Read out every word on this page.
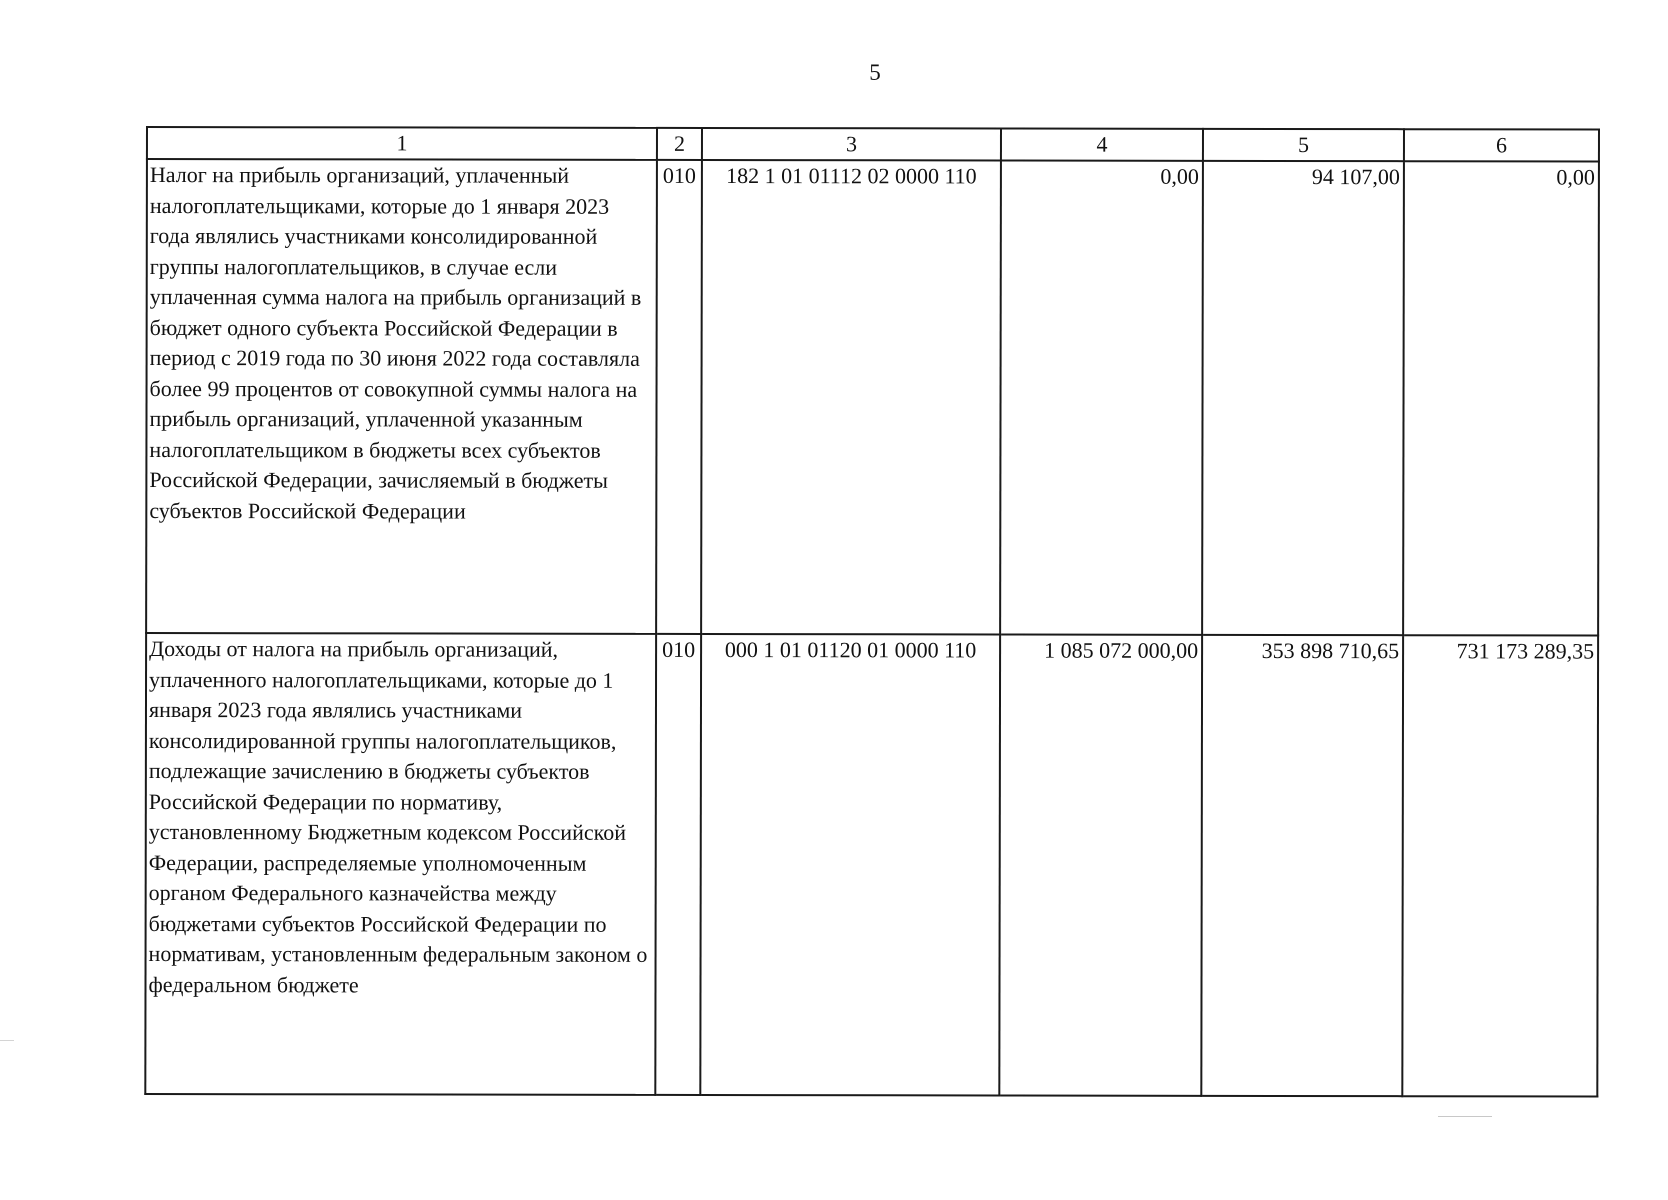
5
1	2	3	4	5	6
Налог на прибыль организаций, уплаченный налогоплательщиками, которые до 1 января 2023 года являлись участниками консолидированной группы налогоплательщиков, в случае если уплаченная сумма налога на прибыль организаций в бюджет одного субъекта Российской Федерации в период с 2019 года по 30 июня 2022 года составляла более 99 процентов от совокупной суммы налога на прибыль организаций, уплаченной указанным налогоплательщиком в бюджеты всех субъектов Российской Федерации, зачисляемый в бюджеты субъектов Российской Федерации	010	182 1 01 01112 02 0000 110	0,00	94 107,00	0,00
Доходы от налога на прибыль организаций, уплаченного налогоплательщиками, которые до 1 января 2023 года являлись участниками консолидированной группы налогоплательщиков, подлежащие зачислению в бюджеты субъектов Российской Федерации по нормативу, установленному Бюджетным кодексом Российской Федерации, распределяемые уполномоченным органом Федерального казначейства между бюджетами субъектов Российской Федерации по нормативам, установленным федеральным законом о федеральном бюджете	010	000 1 01 01120 01 0000 110	1 085 072 000,00	353 898 710,65	731 173 289,35
